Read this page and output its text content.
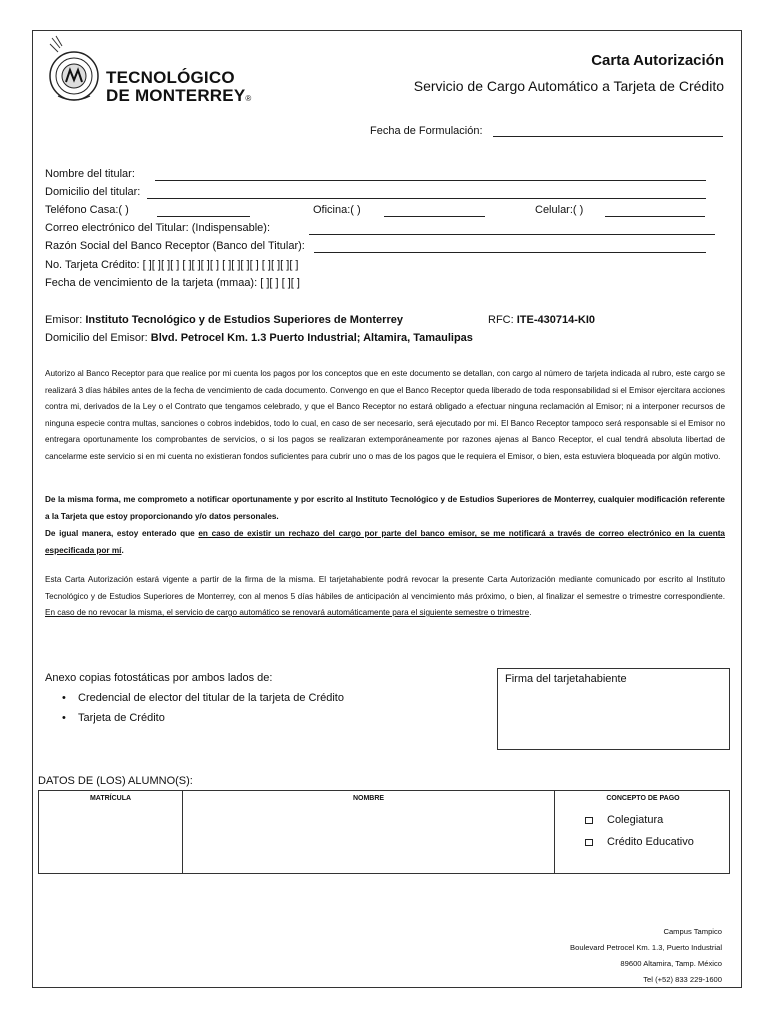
TECNOLÓGICO
DE MONTERREY®
Carta Autorización
Servicio de Cargo Automático a Tarjeta de Crédito
Fecha de Formulación:
Nombre del titular:
Domicilio del titular:
Teléfono Casa:( )	Oficina:( )	Celular:( )
Correo electrónico del Titular: (Indispensable):
Razón Social del Banco Receptor (Banco del Titular):
No. Tarjeta Crédito: [ ][ ][ ][ ] [ ][ ][ ][ ] [ ][ ][ ][ ] [ ][ ][ ][ ]
Fecha de vencimiento de la tarjeta (mmaa): [ ][ ] [ ][ ]
Emisor: Instituto Tecnológico y de Estudios Superiores de Monterrey	RFC: ITE-430714-KI0
Domicilio del Emisor: Blvd. Petrocel Km. 1.3 Puerto Industrial; Altamira, Tamaulipas
Autorizo al Banco Receptor para que realice por mi cuenta los pagos por los conceptos que en este documento se detallan, con cargo al número de tarjeta indicada al rubro, este cargo se realizará 3 días hábiles antes de la fecha de vencimiento de cada documento. Convengo en que el Banco Receptor queda liberado de toda responsabilidad si el Emisor ejercitara acciones contra mi, derivados de la Ley o el Contrato que tengamos celebrado, y que el Banco Receptor no estará obligado a efectuar ninguna reclamación al Emisor; ni a interponer recursos de ninguna especie contra multas, sanciones o cobros indebidos, todo lo cual, en caso de ser necesario, será ejecutado por mi. El Banco Receptor tampoco será responsable si el Emisor no entregara oportunamente los comprobantes de servicios, o si los pagos se realizaran extemporáneamente por razones ajenas al Banco Receptor, el cual tendrá absoluta libertad de cancelarme este servicio si en mi cuenta no existieran fondos suficientes para cubrir uno o mas de los pagos que le requiera el Emisor, o bien, esta estuviera bloqueada por algún motivo.
De la misma forma, me comprometo a notificar oportunamente y por escrito al Instituto Tecnológico y de Estudios Superiores de Monterrey, cualquier modificación referente a la Tarjeta que estoy proporcionando y/o datos personales.
De igual manera, estoy enterado que en caso de existir un rechazo del cargo por parte del banco emisor, se me notificará a través de correo electrónico en la cuenta especificada por mí.
Esta Carta Autorización estará vigente a partir de la firma de la misma. El tarjetahabiente podrá revocar la presente Carta Autorización mediante comunicado por escrito al Instituto Tecnológico y de Estudios Superiores de Monterrey, con al menos 5 días hábiles de anticipación al vencimiento más próximo, o bien, al finalizar el semestre o trimestre correspondiente. En caso de no revocar la misma, el servicio de cargo automático se renovará automáticamente para el siguiente semestre o trimestre.
Anexo copias fotostáticas por ambos lados de:
• Credencial de elector del titular de la tarjeta de Crédito
• Tarjeta de Crédito
Firma del tarjetahabiente
DATOS DE (LOS) ALUMNO(S):
MATRÍCULA	NOMBRE	CONCEPTO DE PAGO
Colegiatura
Crédito Educativo
Campus Tampico
Boulevard Petrocel Km. 1.3, Puerto Industrial
89600 Altamira, Tamp. México
Tel (+52) 833 229-1600
